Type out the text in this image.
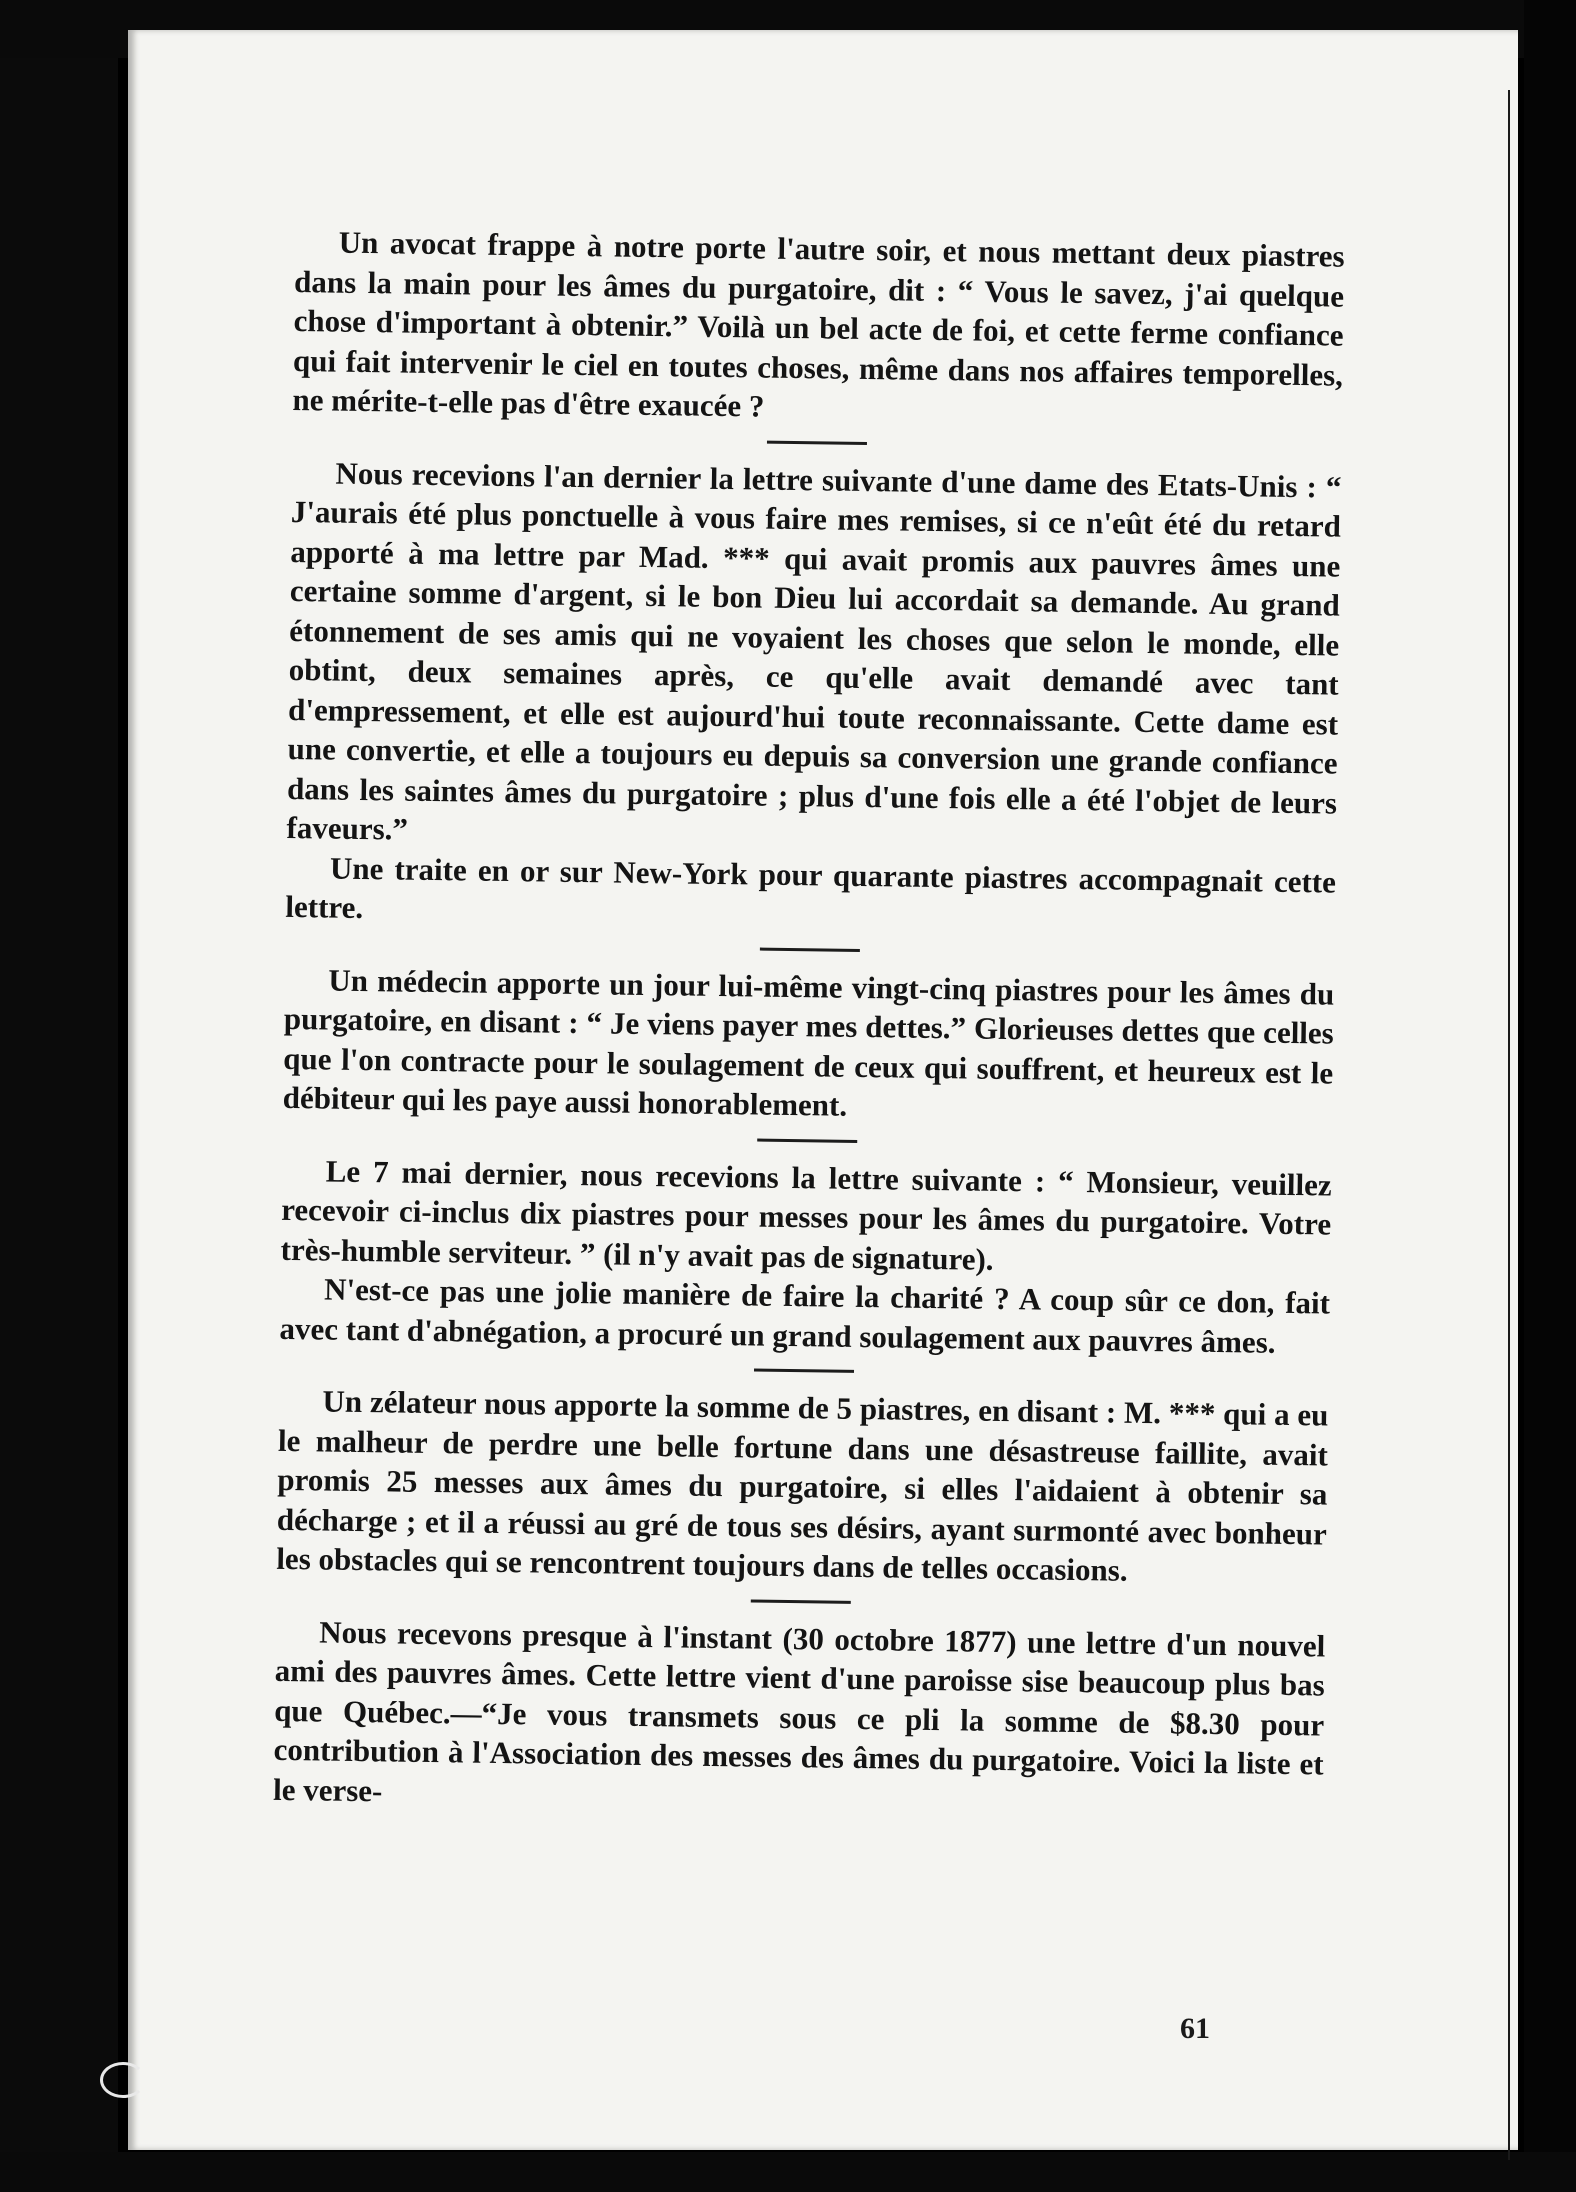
Un avocat frappe à notre porte l'autre soir, et nous mettant deux piastres dans la main pour les âmes du purgatoire, dit : “ Vous le savez, j'ai quelque chose d'important à obtenir.” Voilà un bel acte de foi, et cette ferme confiance qui fait intervenir le ciel en toutes choses, même dans nos affaires temporelles, ne mérite-t-elle pas d'être exaucée ?

Nous recevions l'an dernier la lettre suivante d'une dame des Etats-Unis : “ J'aurais été plus ponctuelle à vous faire mes remises, si ce n'eût été du retard apporté à ma lettre par Mad. *** qui avait promis aux pauvres âmes une certaine somme d'argent, si le bon Dieu lui accordait sa demande. Au grand étonnement de ses amis qui ne voyaient les choses que selon le monde, elle obtint, deux semaines après, ce qu'elle avait demandé avec tant d'empressement, et elle est aujourd'hui toute reconnaissante. Cette dame est une convertie, et elle a toujours eu depuis sa conversion une grande confiance dans les saintes âmes du purgatoire ; plus d'une fois elle a été l'objet de leurs faveurs.”

Une traite en or sur New-York pour quarante piastres accompagnait cette lettre.

Un médecin apporte un jour lui-même vingt-cinq piastres pour les âmes du purgatoire, en disant : “ Je viens payer mes dettes.” Glorieuses dettes que celles que l'on contracte pour le soulagement de ceux qui souffrent, et heureux est le débiteur qui les paye aussi honorablement.

Le 7 mai dernier, nous recevions la lettre suivante : “ Monsieur, veuillez recevoir ci-inclus dix piastres pour messes pour les âmes du purgatoire. Votre très-humble serviteur. ” (il n'y avait pas de signature).

N'est-ce pas une jolie manière de faire la charité ? A coup sûr ce don, fait avec tant d'abnégation, a procuré un grand soulagement aux pauvres âmes.

Un zélateur nous apporte la somme de 5 piastres, en disant : M. *** qui a eu le malheur de perdre une belle fortune dans une désastreuse faillite, avait promis 25 messes aux âmes du purgatoire, si elles l'aidaient à obtenir sa décharge ; et il a réussi au gré de tous ses désirs, ayant surmonté avec bonheur les obstacles qui se rencontrent toujours dans de telles occasions.

Nous recevons presque à l'instant (30 octobre 1877) une lettre d'un nouvel ami des pauvres âmes. Cette lettre vient d'une paroisse sise beaucoup plus bas que Québec.—“Je vous transmets sous ce pli la somme de $8.30 pour contribution à l'Association des messes des âmes du purgatoire. Voici la liste et le verse-

61
